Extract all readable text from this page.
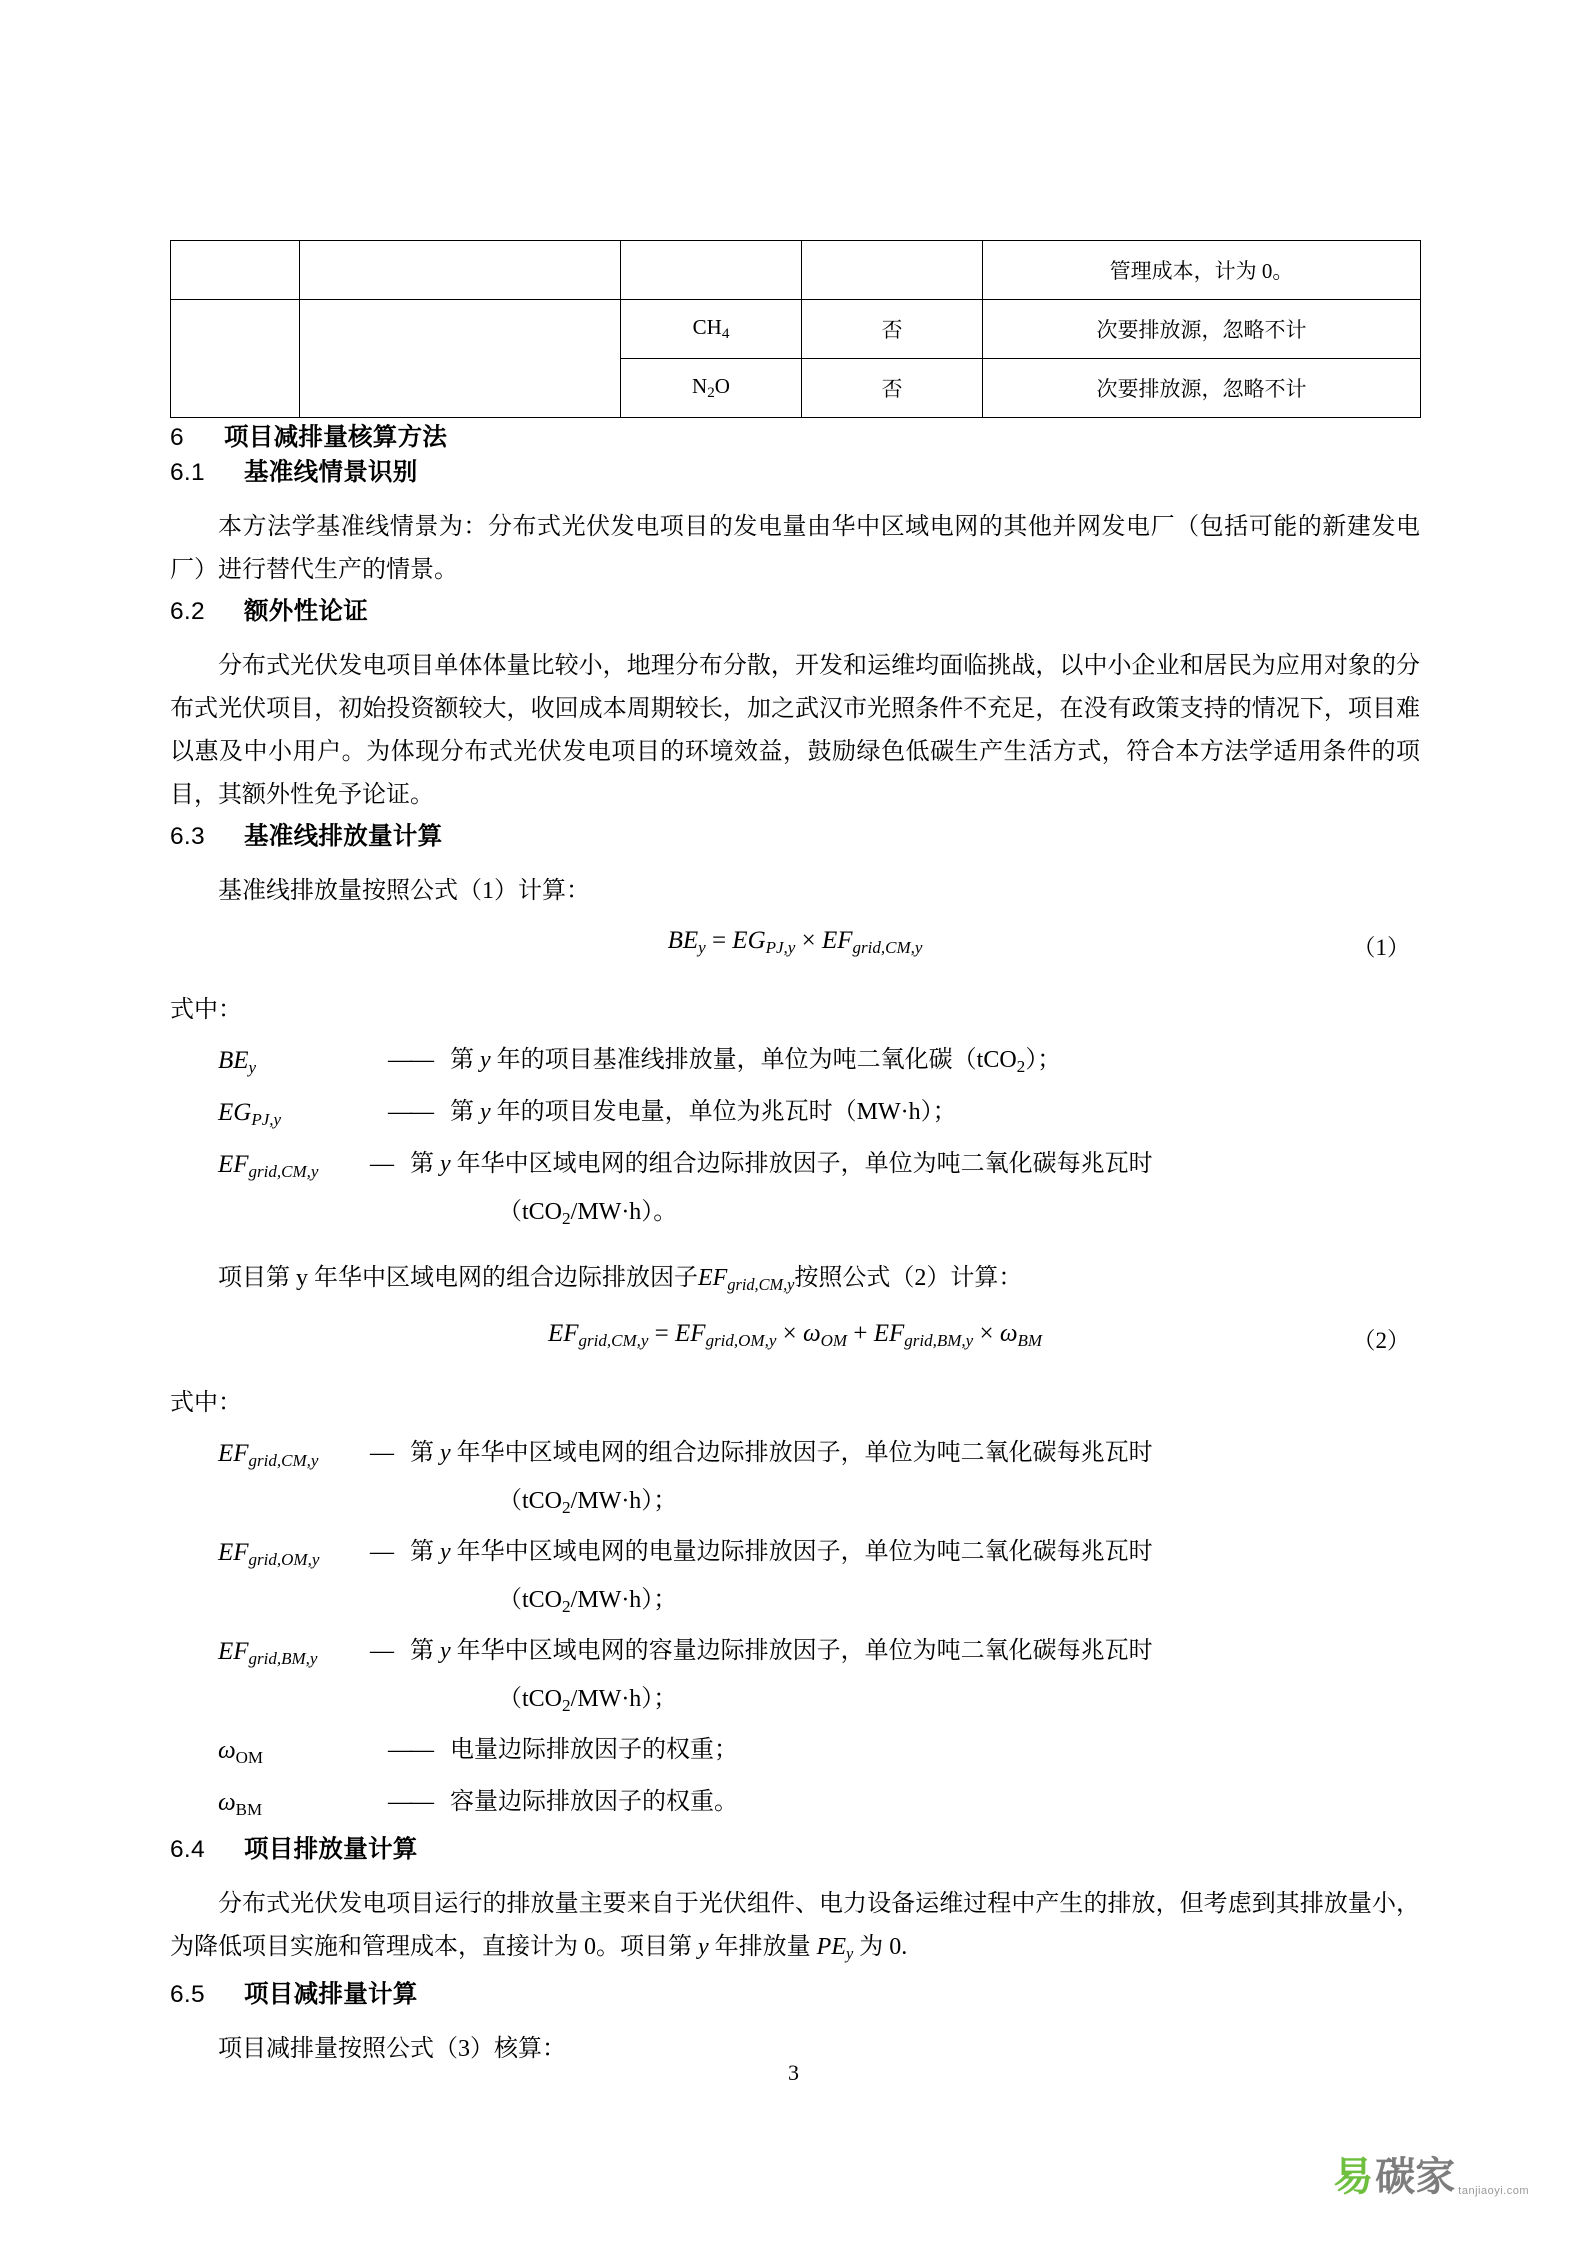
				管理成本，计为 0。
		$CH_4$	否	次要排放源，忽略不计
		$N_2O$	否	次要排放源，忽略不计
6 项目减排量核算方法
6.1 基准线情景识别

本方法学基准线情景为：分布式光伏发电项目的发电量由华中区域电网的其他并网发电厂（包括可能的新建发电厂）进行替代生产的情景。

6.2 额外性论证

分布式光伏发电项目单体体量比较小，地理分布分散，开发和运维均面临挑战，以中小企业和居民为应用对象的分布式光伏项目，初始投资额较大，收回成本周期较长，加之武汉市光照条件不充足，在没有政策支持的情况下，项目难以惠及中小用户。为体现分布式光伏发电项目的环境效益，鼓励绿色低碳生产生活方式，符合本方法学适用条件的项目，其额外性免予论证。

6.3 基准线排放量计算

基准线排放量按照公式（1）计算：

$BE_y = EG_{PJ,y} \times EF_{grid,CM,y}$	（1）

式中：

$BE_y$	—— 第 y 年的项目基准线排放量，单位为吨二氧化碳（tCO$_2$）；
$EG_{PJ,y}$	—— 第 y 年的项目发电量，单位为兆瓦时（MW·h）；
$EF_{grid,CM,y}$	— 第 y 年华中区域电网的组合边际排放因子，单位为吨二氧化碳每兆瓦时
（tCO$_2$/MW·h）。

项目第 y 年华中区域电网的组合边际排放因子$EF_{grid,CM,y}$按照公式（2）计算：

$EF_{grid,CM,y} = EF_{grid,OM,y} \times \omega_{OM} + EF_{grid,BM,y} \times \omega_{BM}$	（2）

式中：

$EF_{grid,CM,y}$	— 第 y 年华中区域电网的组合边际排放因子，单位为吨二氧化碳每兆瓦时
（tCO$_2$/MW·h）；
$EF_{grid,OM,y}$	— 第 y 年华中区域电网的电量边际排放因子，单位为吨二氧化碳每兆瓦时
（tCO$_2$/MW·h）；
$EF_{grid,BM,y}$	— 第 y 年华中区域电网的容量边际排放因子，单位为吨二氧化碳每兆瓦时
（tCO$_2$/MW·h）；
$\omega_{OM}$	—— 电量边际排放因子的权重；
$\omega_{BM}$	—— 容量边际排放因子的权重。
6.4 项目排放量计算

分布式光伏发电项目运行的排放量主要来自于光伏组件、电力设备运维过程中产生的排放，但考虑到其排放量小，为降低项目实施和管理成本，直接计为 0。项目第 y 年排放量 $PE_y$ 为 0.

6.5 项目减排量计算

项目减排量按照公式（3）核算：

3
易 碳家 tanjiaoyi.com
